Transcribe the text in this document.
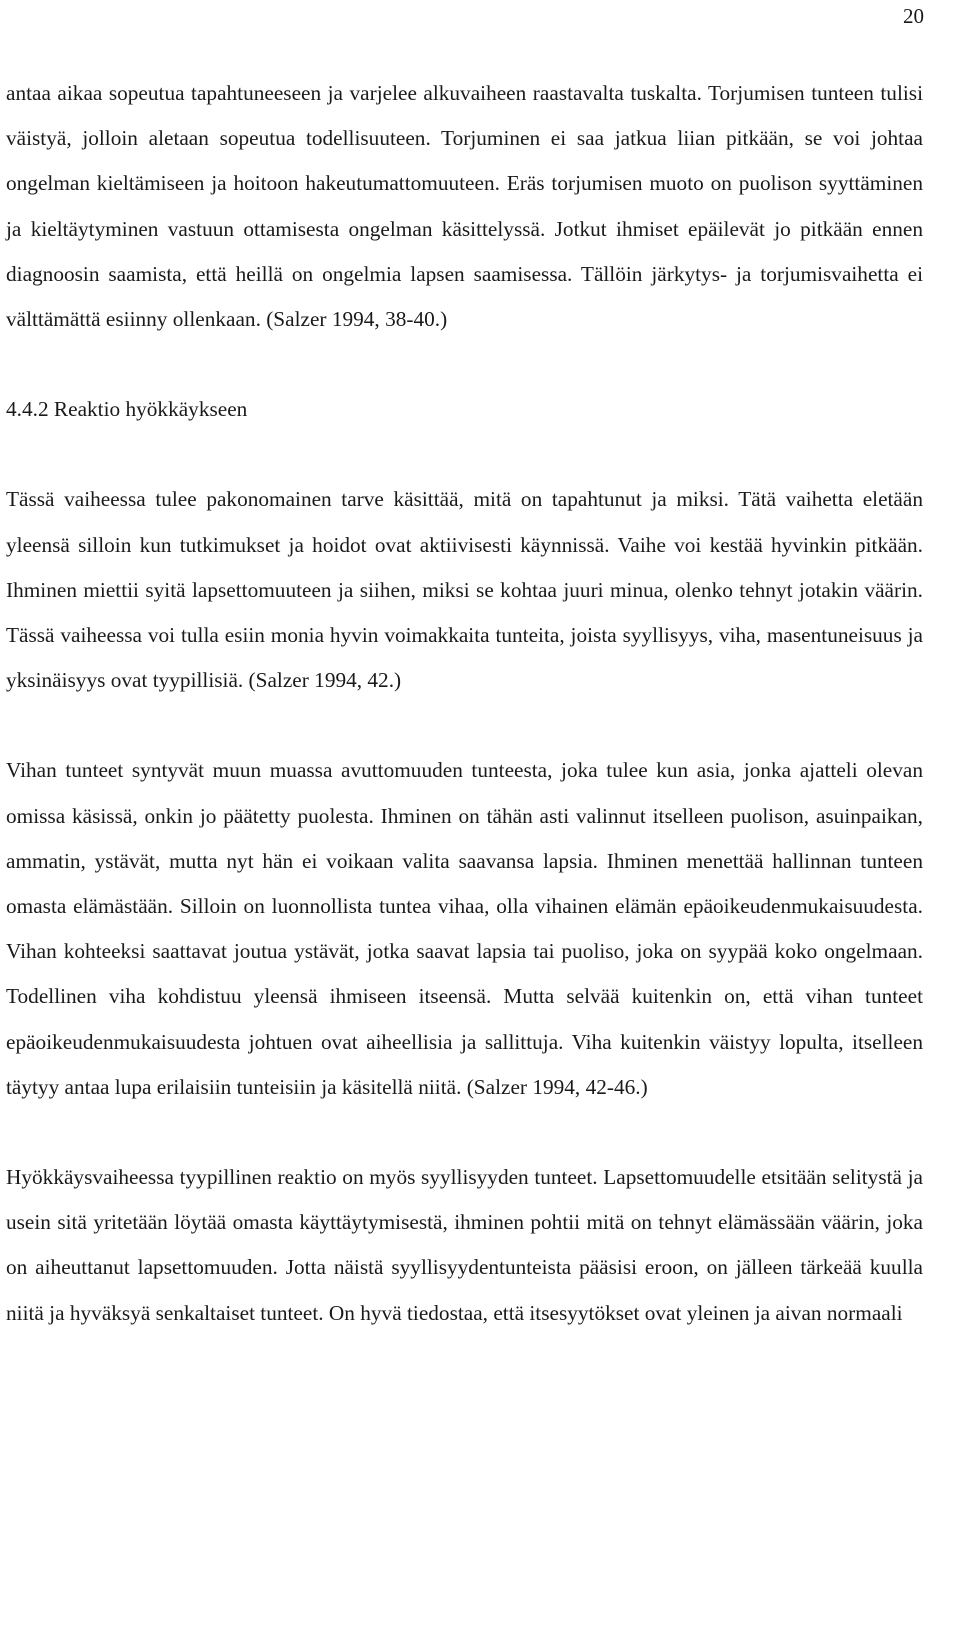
20

antaa aikaa sopeutua tapahtuneeseen ja varjelee alkuvaiheen raastavalta tuskalta. Torjumisen tunteen tulisi väistyä, jolloin aletaan sopeutua todellisuuteen. Torjuminen ei saa jatkua liian pitkään, se voi johtaa ongelman kieltämiseen ja hoitoon hakeutumattomuuteen. Eräs torjumisen muoto on puolison syyttäminen ja kieltäytyminen vastuun ottamisesta ongelman käsittelyssä. Jotkut ihmiset epäilevät jo pitkään ennen diagnoosin saamista, että heillä on ongelmia lapsen saamisessa. Tällöin järkytys- ja torjumisvaihetta ei välttämättä esiinny ollenkaan. (Salzer 1994, 38-40.)

4.4.2 Reaktio hyökkäykseen

Tässä vaiheessa tulee pakonomainen tarve käsittää, mitä on tapahtunut ja miksi. Tätä vaihetta eletään yleensä silloin kun tutkimukset ja hoidot ovat aktiivisesti käynnissä. Vaihe voi kestää hyvinkin pitkään. Ihminen miettii syitä lapsettomuuteen ja siihen, miksi se kohtaa juuri minua, olenko tehnyt jotakin väärin. Tässä vaiheessa voi tulla esiin monia hyvin voimakkaita tunteita, joista syyllisyys, viha, masentuneisuus ja yksinäisyys ovat tyypillisiä. (Salzer 1994, 42.)

Vihan tunteet syntyvät muun muassa avuttomuuden tunteesta, joka tulee kun asia, jonka ajatteli olevan omissa käsissä, onkin jo päätetty puolesta. Ihminen on tähän asti valinnut itselleen puolison, asuinpaikan, ammatin, ystävät, mutta nyt hän ei voikaan valita saavansa lapsia. Ihminen menettää hallinnan tunteen omasta elämästään. Silloin on luonnollista tuntea vihaa, olla vihainen elämän epäoikeudenmukaisuudesta. Vihan kohteeksi saattavat joutua ystävät, jotka saavat lapsia tai puoliso, joka on syypää koko ongelmaan. Todellinen viha kohdistuu yleensä ihmiseen itseensä. Mutta selvää kuitenkin on, että vihan tunteet epäoikeudenmukaisuudesta johtuen ovat aiheellisia ja sallittuja. Viha kuitenkin väistyy lopulta, itselleen täytyy antaa lupa erilaisiin tunteisiin ja käsitellä niitä. (Salzer 1994, 42-46.)

Hyökkäysvaiheessa tyypillinen reaktio on myös syyllisyyden tunteet. Lapsettomuudelle etsitään selitystä ja usein sitä yritetään löytää omasta käyttäytymisestä, ihminen pohtii mitä on tehnyt elämässään väärin, joka on aiheuttanut lapsettomuuden. Jotta näistä syyllisyydentunteista pääsisi eroon, on jälleen tärkeää kuulla niitä ja hyväksyä senkaltaiset tunteet. On hyvä tiedostaa, että itsesyytökset ovat yleinen ja aivan normaali
